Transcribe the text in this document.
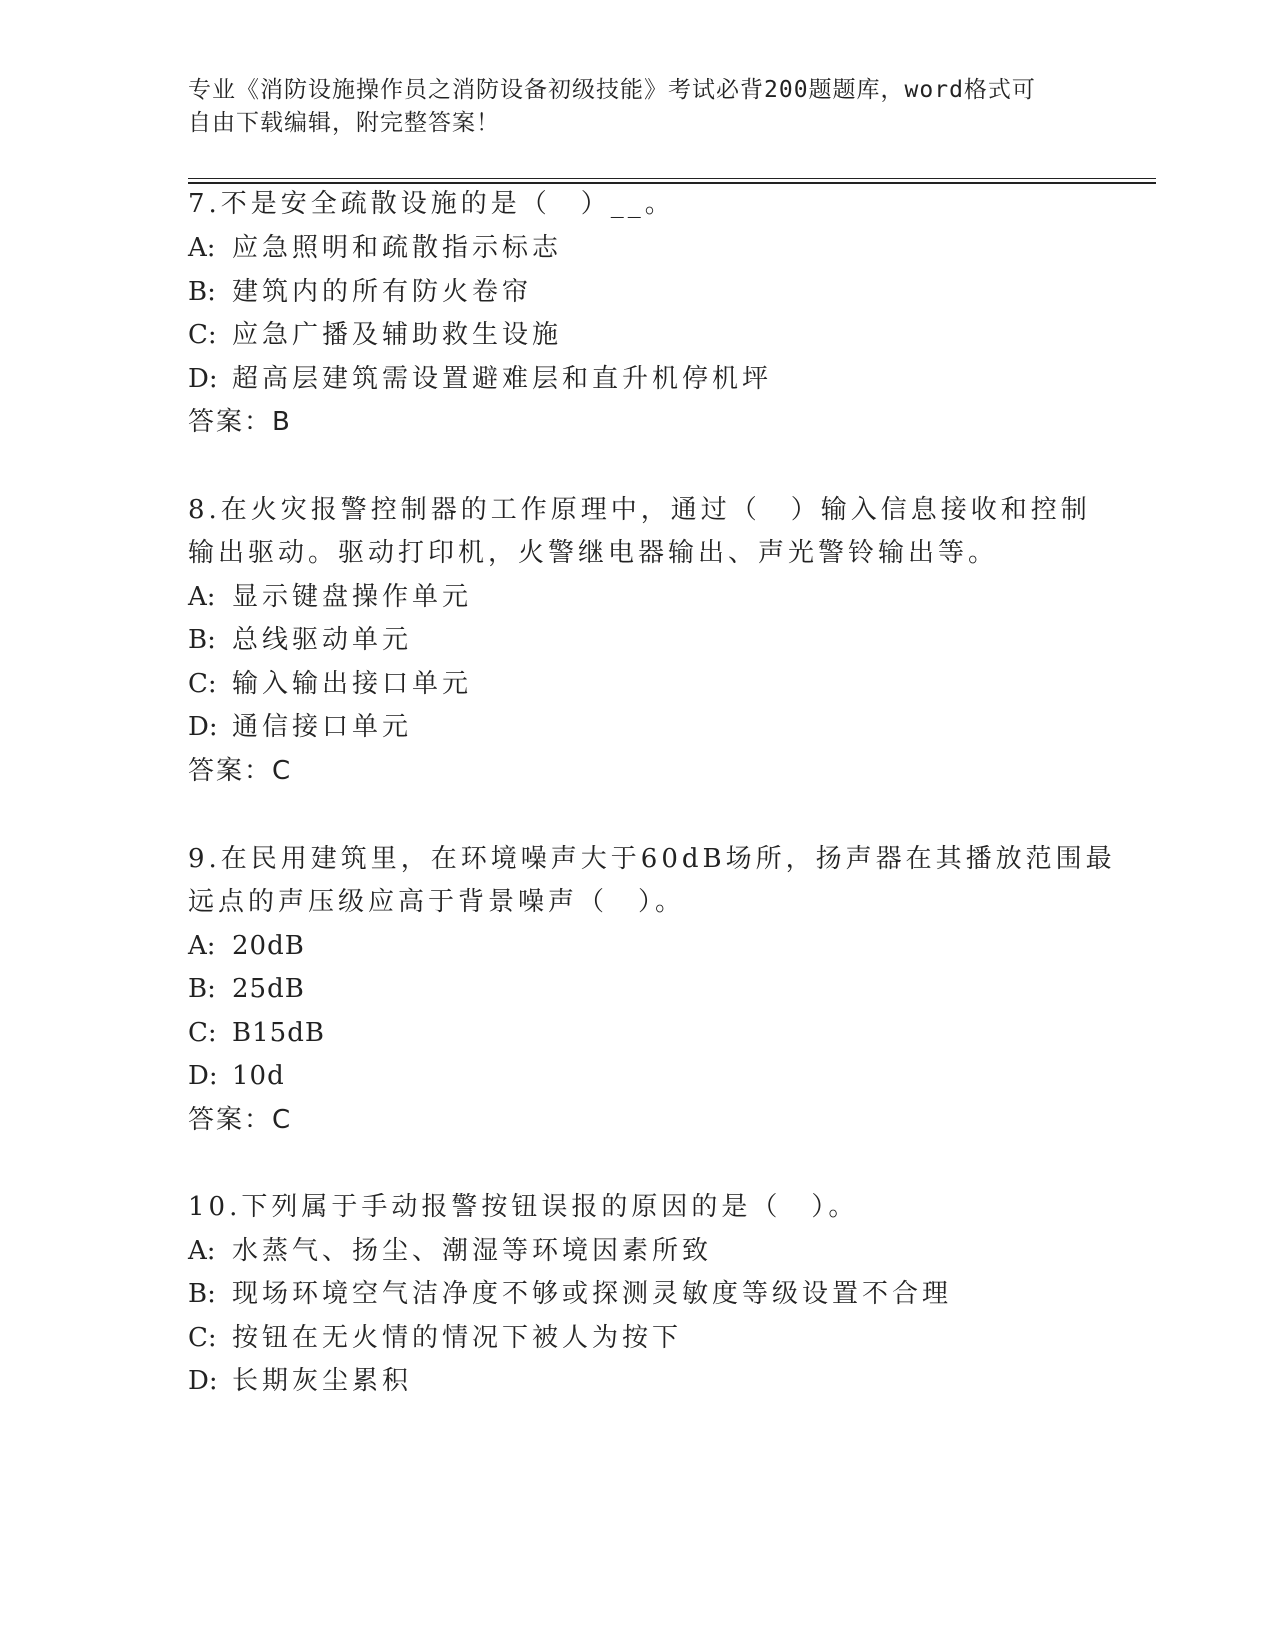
专业《消防设施操作员之消防设备初级技能》考试必背200题题库，word格式可
自由下载编辑，附完整答案！
7.不是安全疏散设施的是（　）__。
A: 应急照明和疏散指示标志
B: 建筑内的所有防火卷帘
C: 应急广播及辅助救生设施
D: 超高层建筑需设置避难层和直升机停机坪
答案：B
8.在火灾报警控制器的工作原理中，通过（　）输入信息接收和控制
输出驱动。驱动打印机，火警继电器输出、声光警铃输出等。
A: 显示键盘操作单元
B: 总线驱动单元
C: 输入输出接口单元
D: 通信接口单元
答案：C
9.在民用建筑里，在环境噪声大于60dB场所，扬声器在其播放范围最
远点的声压级应高于背景噪声（　）。
A: 20dB
B: 25dB
C: B15dB
D: 10d
答案：C
10.下列属于手动报警按钮误报的原因的是（　）。
A: 水蒸气、扬尘、潮湿等环境因素所致
B: 现场环境空气洁净度不够或探测灵敏度等级设置不合理
C: 按钮在无火情的情况下被人为按下
D: 长期灰尘累积
